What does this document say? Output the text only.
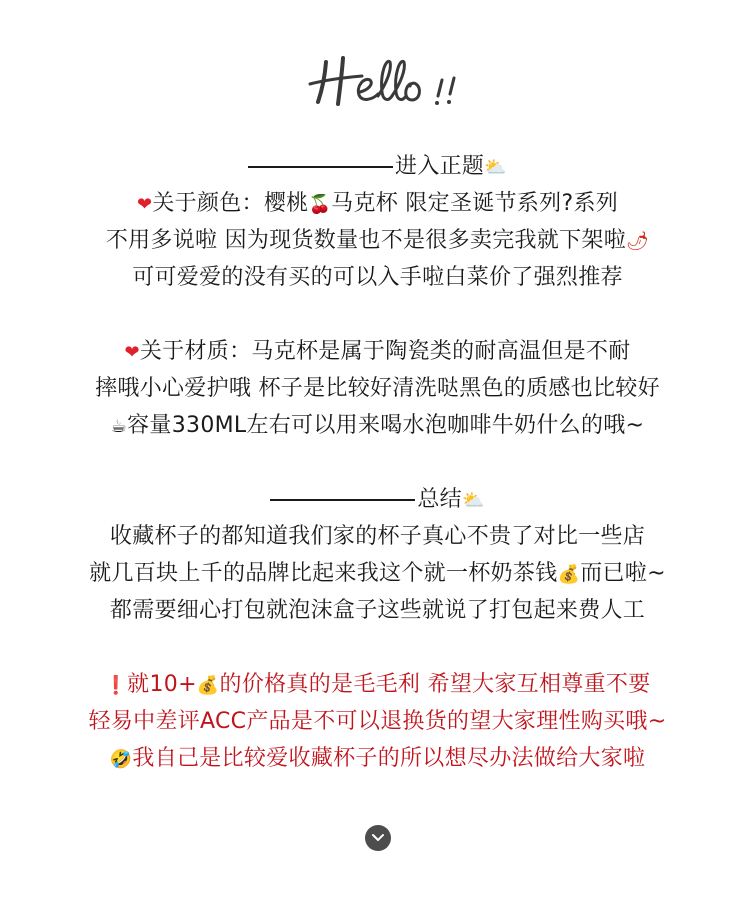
进入正题⛅
❤关于颜色：樱桃🍒马克杯 限定圣诞节系列?系列
不用多说啦 因为现货数量也不是很多卖完我就下架啦🌶
可可爱爱的没有买的可以入手啦白菜价了强烈推荐
❤关于材质：马克杯是属于陶瓷类的耐高温但是不耐
摔哦小心爱护哦 杯子是比较好清洗哒黑色的质感也比较好
☕容量330ML左右可以用来喝水泡咖啡牛奶什么的哦~
总结⛅
收藏杯子的都知道我们家的杯子真心不贵了对比一些店
就几百块上千的品牌比起来我这个就一杯奶茶钱💰而已啦~
都需要细心打包就泡沫盒子这些就说了打包起来费人工
❗就10+💰的价格真的是毛毛利 希望大家互相尊重不要
轻易中差评ACC产品是不可以退换货的望大家理性购买哦~
🤣我自己是比较爱收藏杯子的所以想尽办法做给大家啦
